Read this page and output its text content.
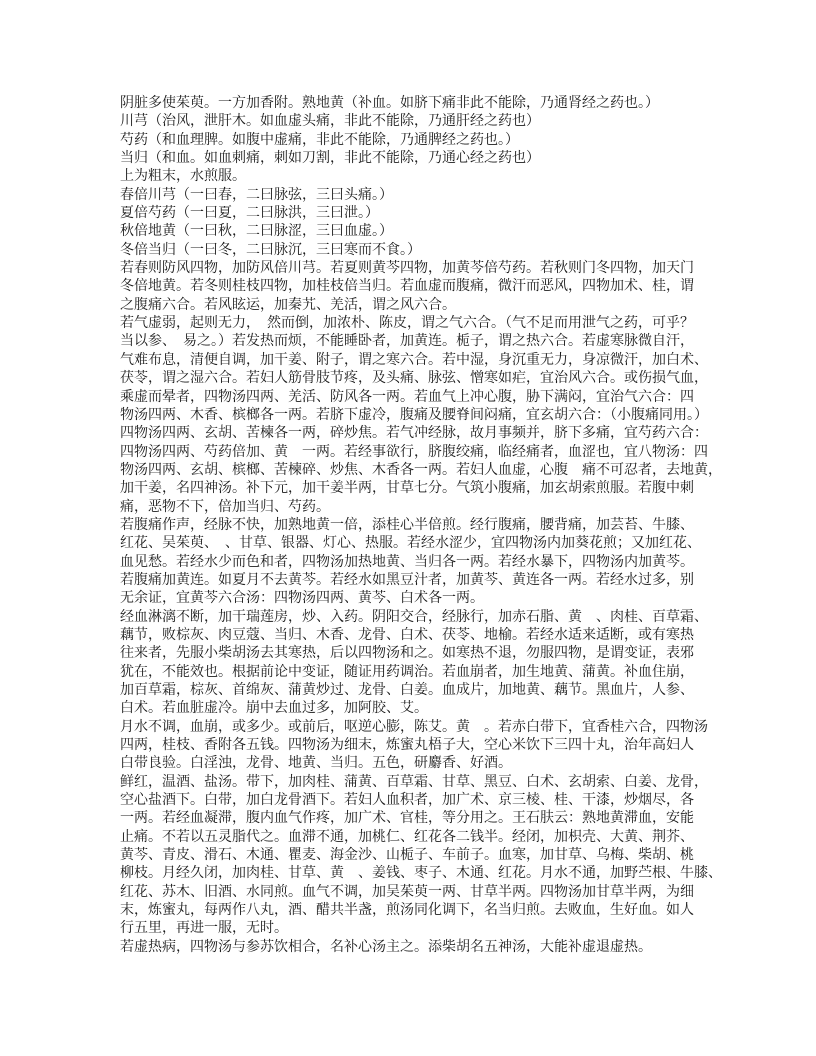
阴脏多使茱萸。一方加香附。熟地黄（补血。如脐下痛非此不能除，乃通肾经之药也。）
川芎（治风，泄肝木。如血虚头痛，非此不能除，乃通肝经之药也）
芍药（和血理脾。如腹中虚痛，非此不能除，乃通脾经之药也。）
当归（和血。如血刺痛，刺如刀割，非此不能除，乃通心经之药也）
上为粗末，水煎服。
春倍川芎（一曰春，二曰脉弦，三曰头痛。）
夏倍芍药（一曰夏，二曰脉洪，三曰泄。）
秋倍地黄（一曰秋，二曰脉涩，三曰血虚。）
冬倍当归（一曰冬，二曰脉沉，三曰寒而不食。）
若春则防风四物，加防风倍川芎。若夏则黄芩四物，加黄芩倍芍药。若秋则门冬四物，加天门
冬倍地黄。若冬则桂枝四物，加桂枝倍当归。若血虚而腹痛，微汗而恶风，四物加术、桂，谓
之腹痛六合。若风眩运，加秦艽、羌活，谓之风六合。
若气虚弱，起则无力，　然而倒，加浓朴、陈皮，谓之气六合。（气不足而用泄气之药，可乎？
当以参、　易之。）若发热而烦，不能睡卧者，加黄连。栀子，谓之热六合。若虚寒脉微自汗，
气难布息，清便自调，加干姜、附子，谓之寒六合。若中湿，身沉重无力，身凉微汗，加白术、
茯苓，谓之湿六合。若妇人筋骨肢节疼，及头痛、脉弦、憎寒如疟，宜治风六合。或伤损气血，
乘虚而晕者，四物汤四两、羌活、防风各一两。若血气上冲心腹，胁下满闷，宜治气六合：四
物汤四两、木香、槟榔各一两。若脐下虚冷，腹痛及腰脊间闷痛，宜玄胡六合：（小腹痛同用。）
四物汤四两、玄胡、苦楝各一两，碎炒焦。若气冲经脉，故月事频并，脐下多痛，宜芍药六合：
四物汤四两、芍药倍加、黄　一两。若经事欲行，脐腹绞痛，临经痛者，血涩也，宜八物汤：四
物汤四两、玄胡、槟榔、苦楝碎、炒焦、木香各一两。若妇人血虚，心腹　痛不可忍者，去地黄，
加干姜，名四神汤。补下元，加干姜半两，甘草七分。气筑小腹痛，加玄胡索煎服。若腹中刺
痛，恶物不下，倍加当归、芍药。
若腹痛作声，经脉不快，加熟地黄一倍，添桂心半倍煎。经行腹痛，腰背痛，加芸苔、牛膝、
红花、吴茱萸、　、甘草、银器、灯心、热服。若经水涩少，宜四物汤内加葵花煎；又加红花、
血见愁。若经水少而色和者，四物汤加热地黄、当归各一两。若经水暴下，四物汤内加黄芩。
若腹痛加黄连。如夏月不去黄芩。若经水如黑豆汁者，加黄芩、黄连各一两。若经水过多，别
无余证，宜黄芩六合汤：四物汤四两、黄芩、白术各一两。
经血淋漓不断，加干瑞莲房，炒、入药。阴阳交合，经脉行，加赤石脂、黄　、肉桂、百草霜、
藕节，败棕灰、肉豆蔻、当归、木香、龙骨、白术、茯苓、地榆。若经水适来适断，或有寒热
往来者，先服小柴胡汤去其寒热，后以四物汤和之。如寒热不退，勿服四物，是谓变证，表邪
犹在，不能效也。根据前论中变证，随证用药调治。若血崩者，加生地黄、蒲黄。补血住崩，
加百草霜，棕灰、首绵灰、蒲黄炒过、龙骨、白姜。血成片，加地黄、藕节。黑血片，人参、
白术。若血脏虚冷。崩中去血过多，加阿胶、艾。
月水不调，血崩，或多少。或前后，呕逆心膨，陈艾。黄　。若赤白带下，宜香桂六合，四物汤
四两，桂枝、香附各五钱。四物汤为细末，炼蜜丸梧子大，空心米饮下三四十丸，治年高妇人
白带良验。白淫浊，龙骨、地黄、当归。五色，研麝香、好酒。
鲜红，温酒、盐汤。带下，加肉桂、蒲黄、百草霜、甘草、黑豆、白术、玄胡索、白姜、龙骨，
空心盐酒下。白带，加白龙骨酒下。若妇人血积者，加广术、京三棱、桂、干漆，炒烟尽，各
一两。若经血凝滞，腹内血气作疼，加广术、官桂，等分用之。王石肤云：熟地黄滞血，安能
止痛。不若以五灵脂代之。血滞不通，加桃仁、红花各二钱半。经闭，加枳壳、大黄、荆芥、
黄芩、青皮、滑石、木通、瞿麦、海金沙、山栀子、车前子。血寒，加甘草、乌梅、柴胡、桃
柳枝。月经久闭，加肉桂、甘草、黄　、姜钱、枣子、木通、红花。月水不通，加野苎根、牛膝、
红花、苏木、旧酒、水同煎。血气不调，加吴茱萸一两、甘草半两。四物汤加甘草半两，为细
末，炼蜜丸，每两作八丸，酒、醋共半盏，煎汤同化调下，名当归煎。去败血，生好血。如人
行五里，再进一服，无时。
若虚热病，四物汤与参苏饮相合，名补心汤主之。添柴胡名五神汤，大能补虚退虚热。
